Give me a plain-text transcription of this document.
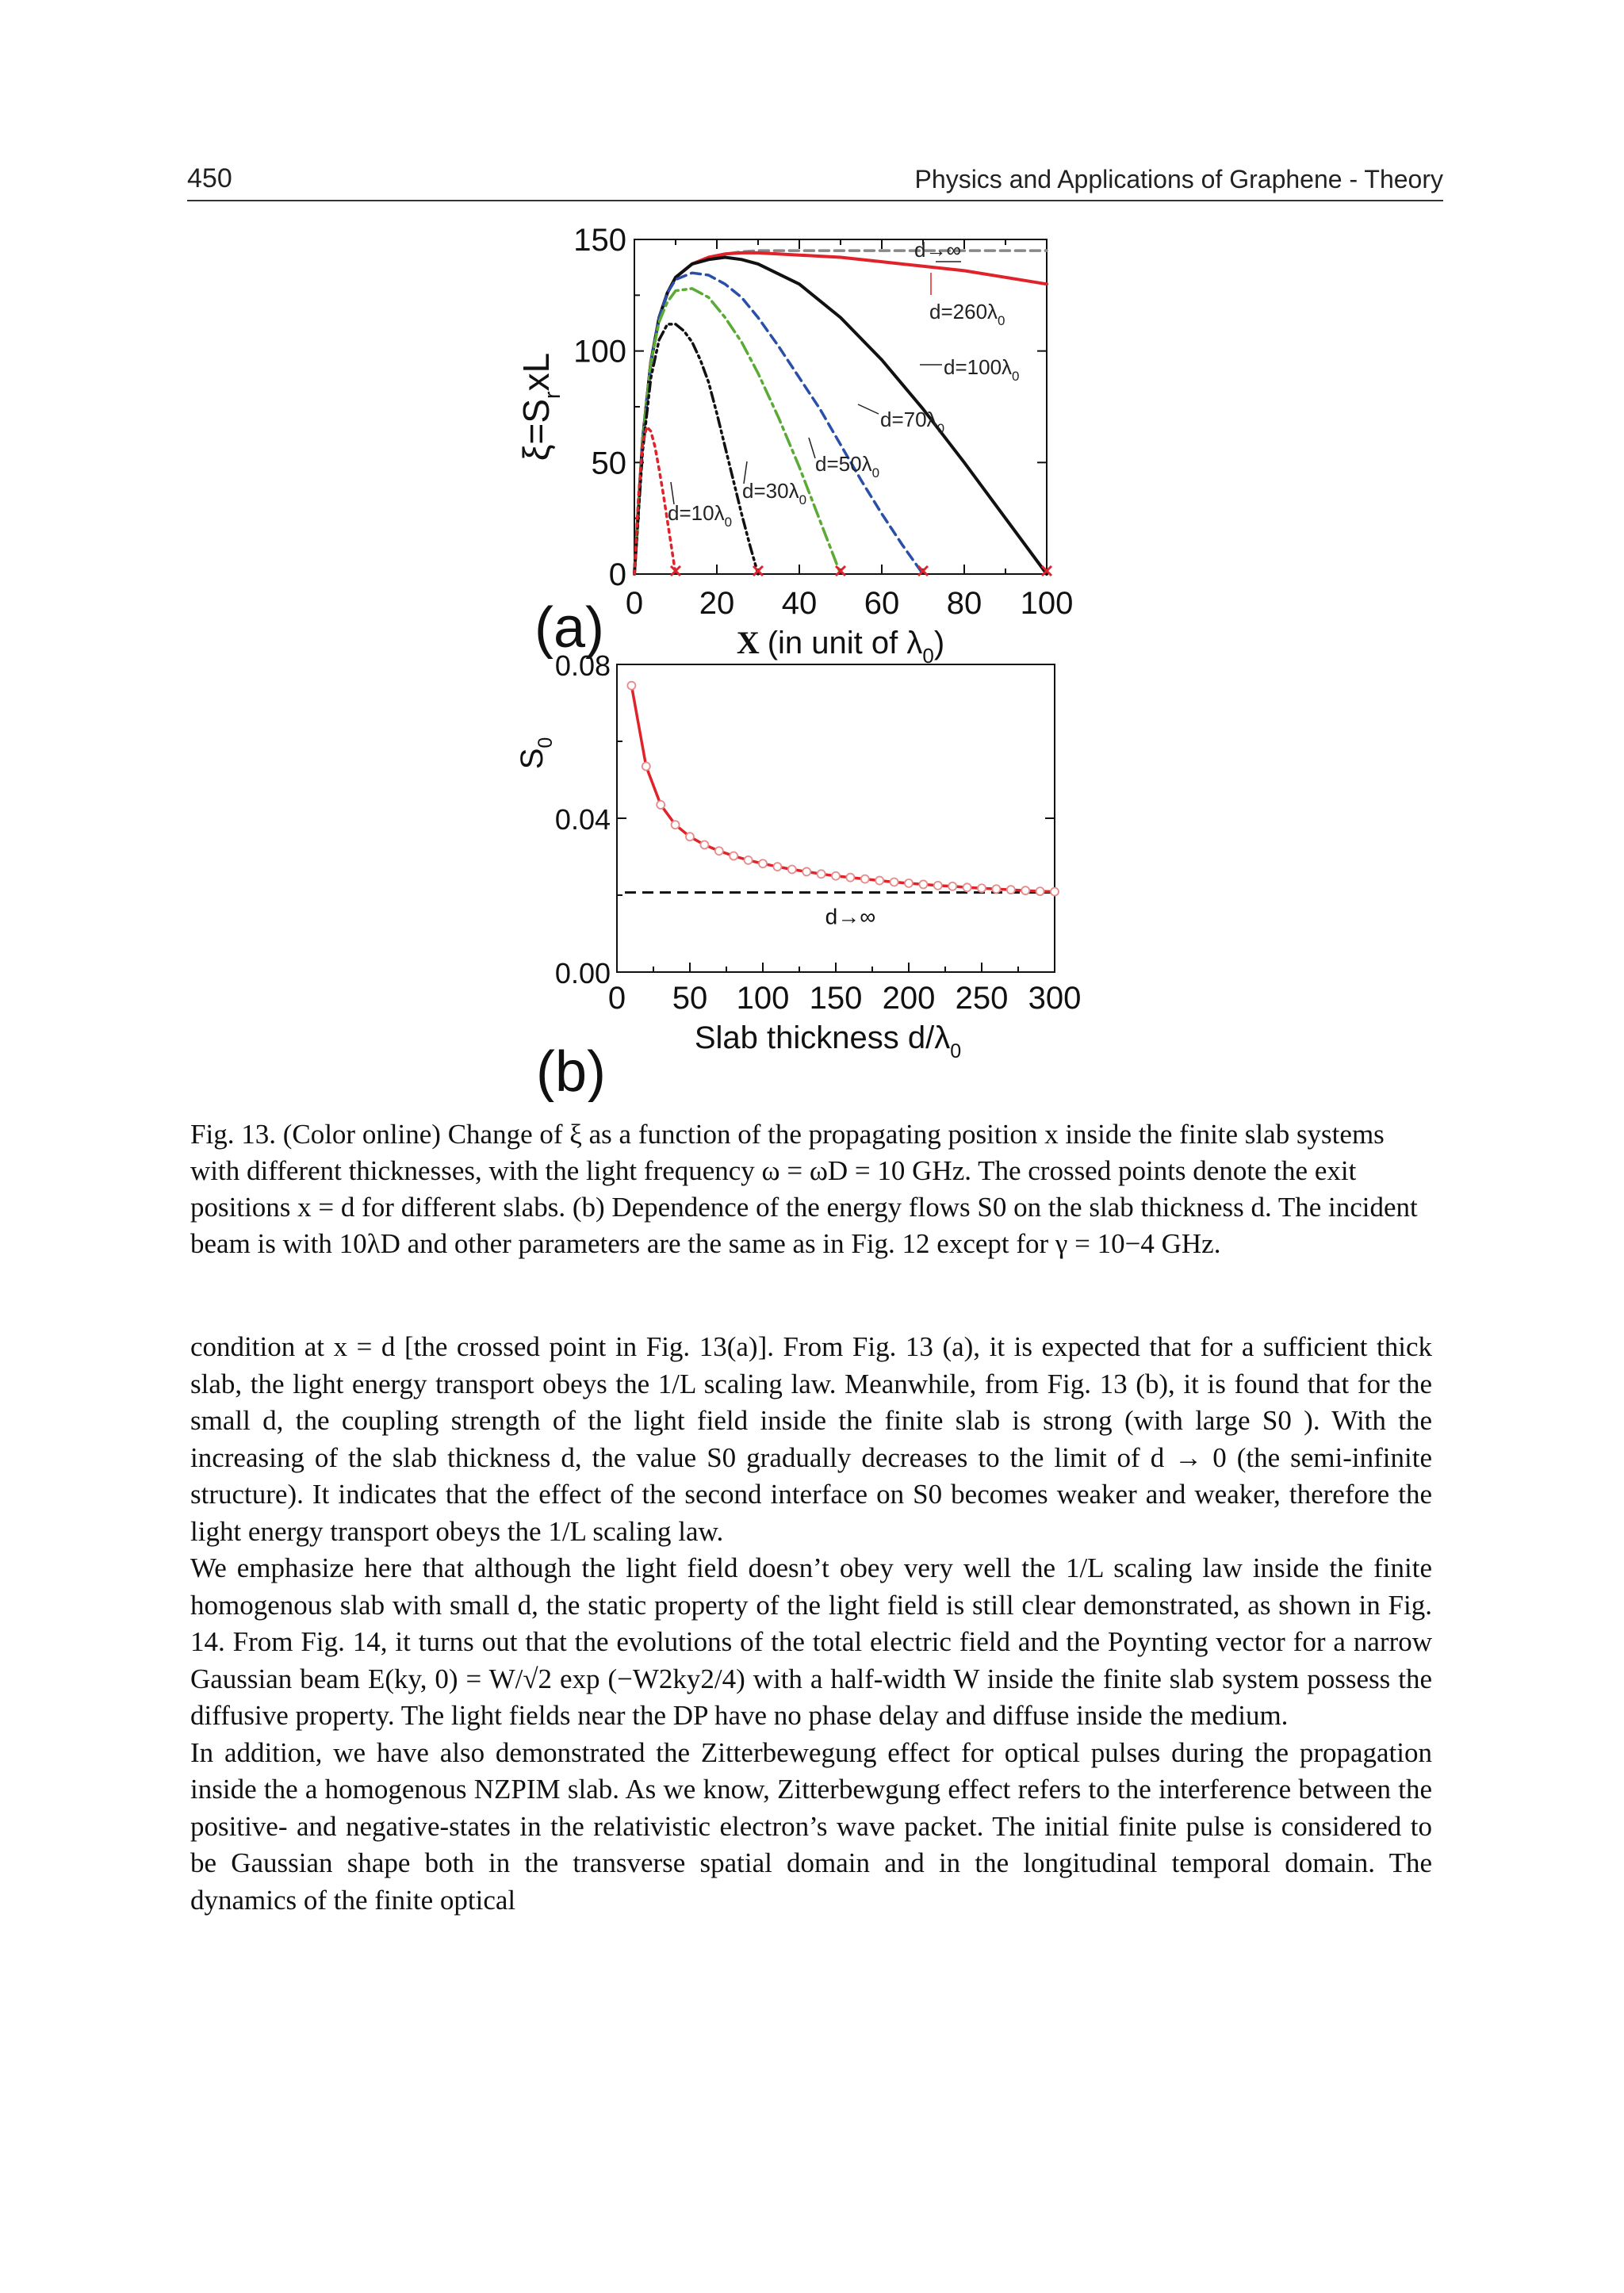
450	Physics and Applications of Graphene - Theory
0 20 40 60 80 100
0
50
100
150
$\xi=S_rxL$
X (in unit of $\lambda_0$)
(a)
d→∞
$d=260\lambda_0$
$d=100\lambda_0$
$d=70\lambda_0$
$d=50\lambda_0$
$d=30\lambda_0$
$d=10\lambda_0$
0 50 100 150 200 250 300
0.00
0.04
0.08
$S_0$
Slab thickness $d/\lambda_0$
(b)
d→∞
Fig. 13. (Color online) Change of ξ as a function of the propagating position x inside the finite slab systems with different thicknesses, with the light frequency ω = ωD = 10 GHz. The crossed points denote the exit positions x = d for different slabs. (b) Dependence of the energy flows S0 on the slab thickness d. The incident beam is with 10λD and other parameters are the same as in Fig. 12 except for γ = 10−4 GHz.

condition at x = d [the crossed point in Fig. 13(a)]. From Fig. 13 (a), it is expected that for a sufficient thick slab, the light energy transport obeys the 1/L scaling law. Meanwhile, from Fig. 13 (b), it is found that for the small d, the coupling strength of the light field inside the finite slab is strong (with large S0 ). With the increasing of the slab thickness d, the value S0 gradually decreases to the limit of d → 0 (the semi-infinite structure). It indicates that the effect of the second interface on S0 becomes weaker and weaker, therefore the light energy transport obeys the 1/L scaling law.

We emphasize here that although the light field doesn’t obey very well the 1/L scaling law inside the finite homogenous slab with small d, the static property of the light field is still clear demonstrated, as shown in Fig. 14. From Fig. 14, it turns out that the evolutions of the total electric field and the Poynting vector for a narrow Gaussian beam E(ky, 0) = W/√2 exp (−W2ky2/4) with a half-width W inside the finite slab system possess the diffusive property. The light fields near the DP have no phase delay and diffuse inside the medium.

In addition, we have also demonstrated the Zitterbewegung effect for optical pulses during the propagation inside the a homogenous NZPIM slab. As we know, Zitterbewgung effect refers to the interference between the positive- and negative-states in the relativistic electron’s wave packet. The initial finite pulse is considered to be Gaussian shape both in the transverse spatial domain and in the longitudinal temporal domain. The dynamics of the finite optical
